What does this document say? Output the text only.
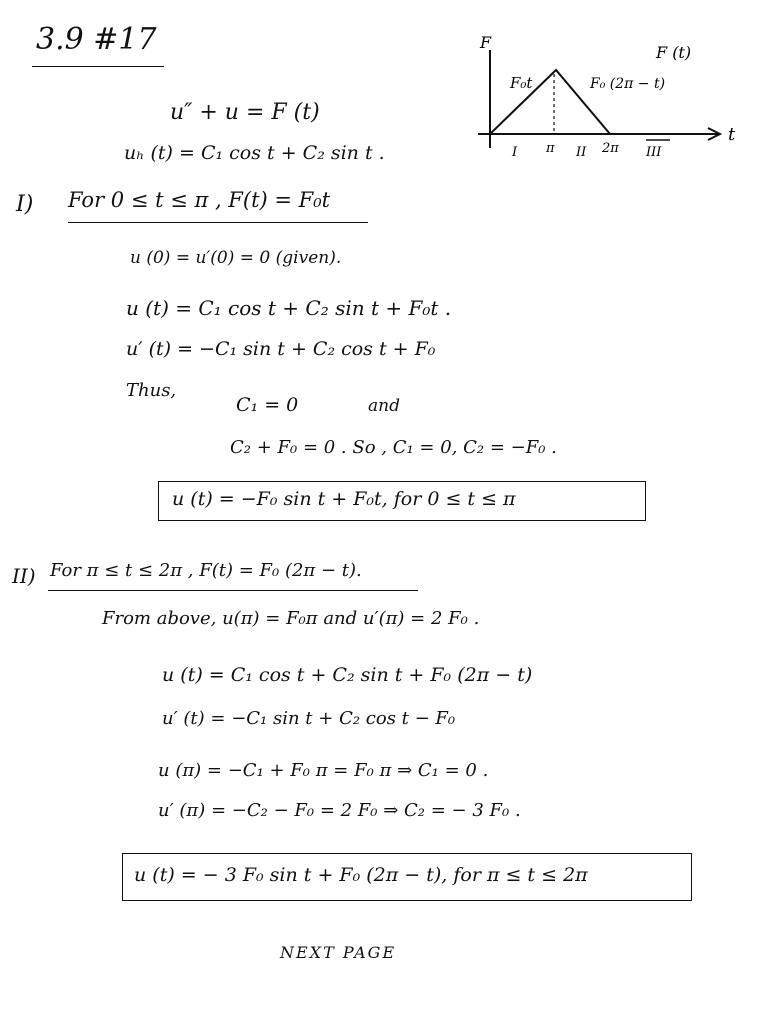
3.9 #17	F
F (t)
F₀t	F₀ (2π − t)
t
I π II 2π III
u″ + u = F (t)
uₕ (t) = C₁ cos t + C₂ sin t .
I) For 0 ≤ t ≤ π , F(t) = F₀t
u (0) = u′(0) = 0 (given).
u (t) = C₁ cos t + C₂ sin t + F₀t .
u′ (t) = −C₁ sin t + C₂ cos t + F₀
Thus,
C₁ = 0	and
C₂ + F₀ = 0 . So , C₁ = 0, C₂ = −F₀ .
u (t) = −F₀ sin t + F₀t, for 0 ≤ t ≤ π
II) For π ≤ t ≤ 2π , F(t) = F₀ (2π − t).
From above, u(π) = F₀π and u′(π) = 2 F₀ .
u (t) = C₁ cos t + C₂ sin t + F₀ (2π − t)
u′ (t) = −C₁ sin t + C₂ cos t − F₀
u (π) = −C₁ + F₀ π = F₀ π ⇒ C₁ = 0 .
u′ (π) = −C₂ − F₀ = 2 F₀ ⇒ C₂ = − 3 F₀ .
u (t) = − 3 F₀ sin t + F₀ (2π − t), for π ≤ t ≤ 2π
NEXT PAGE
